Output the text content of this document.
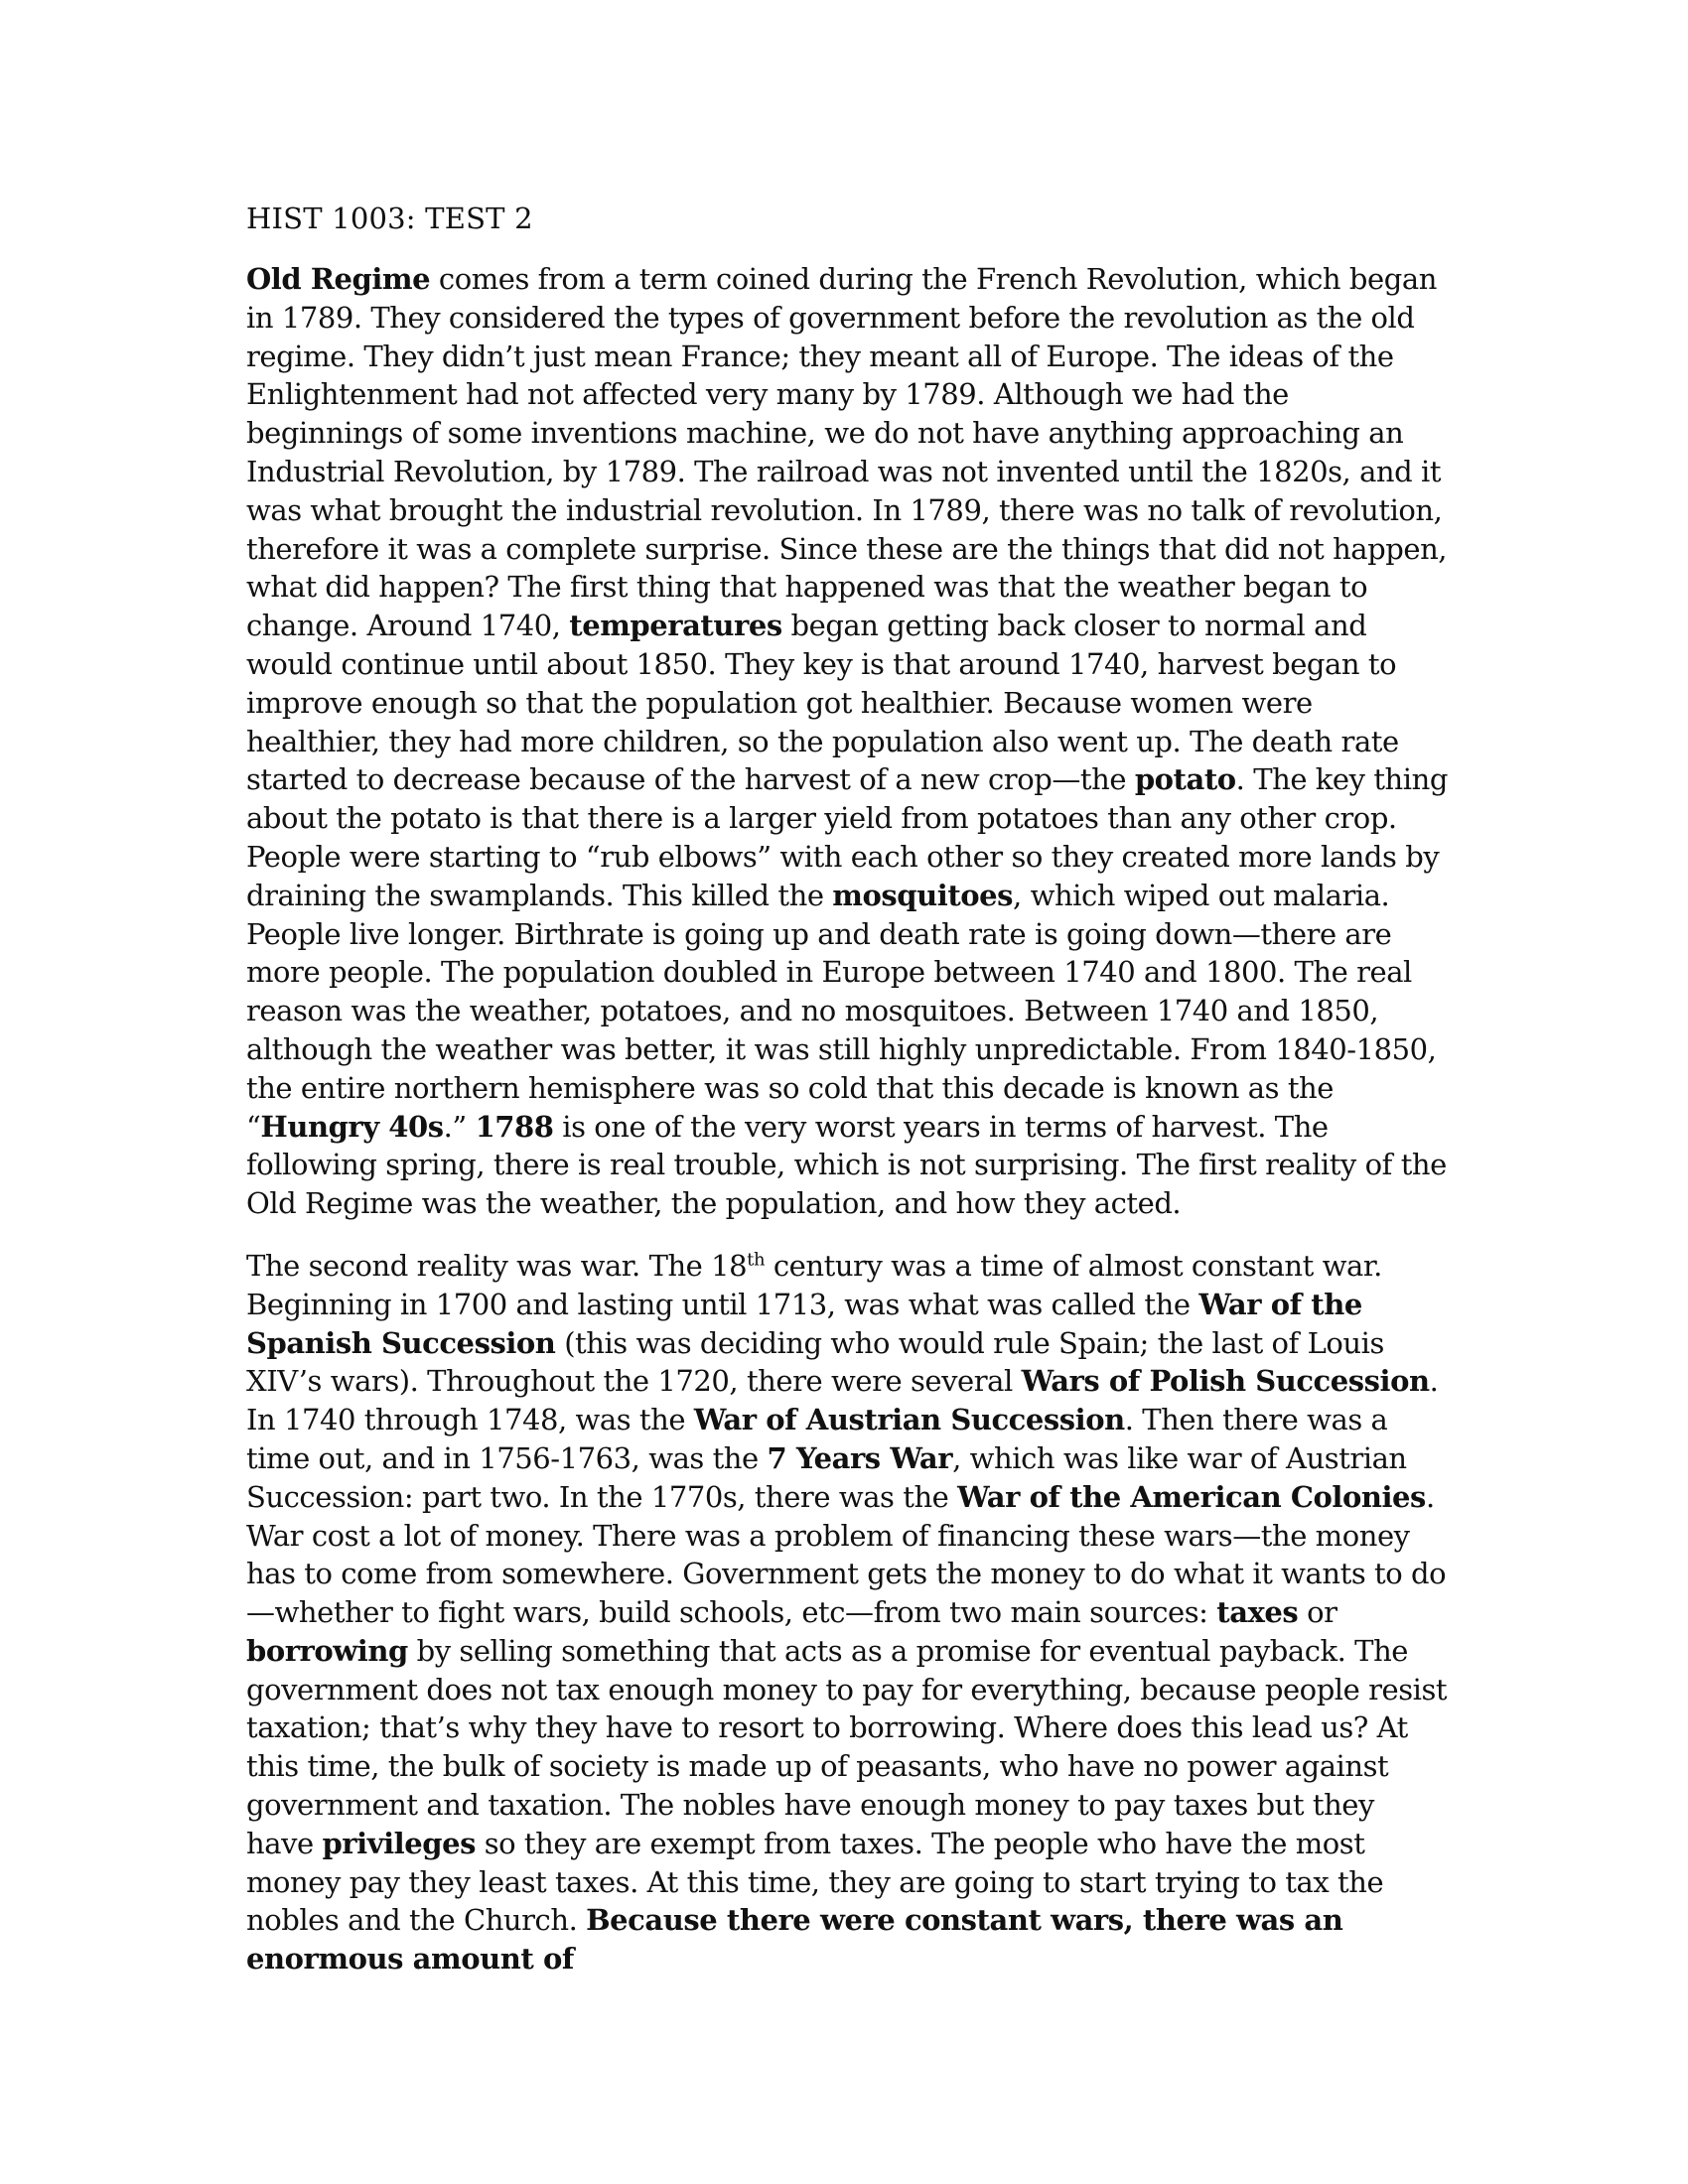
HIST 1003: TEST 2

Old Regime comes from a term coined during the French Revolution, which began in 1789. They considered the types of government before the revolution as the old regime. They didn’t just mean France; they meant all of Europe. The ideas of the Enlightenment had not affected very many by 1789. Although we had the beginnings of some inventions machine, we do not have anything approaching an Industrial Revolution, by 1789. The railroad was not invented until the 1820s, and it was what brought the industrial revolution. In 1789, there was no talk of revolution, therefore it was a complete surprise. Since these are the things that did not happen, what did happen? The first thing that happened was that the weather began to change. Around 1740, temperatures began getting back closer to normal and would continue until about 1850. They key is that around 1740, harvest began to improve enough so that the population got healthier. Because women were healthier, they had more children, so the population also went up. The death rate started to decrease because of the harvest of a new crop—the potato. The key thing about the potato is that there is a larger yield from potatoes than any other crop. People were starting to “rub elbows” with each other so they created more lands by draining the swamplands. This killed the mosquitoes, which wiped out malaria. People live longer. Birthrate is going up and death rate is going down—there are more people. The population doubled in Europe between 1740 and 1800. The real reason was the weather, potatoes, and no mosquitoes. Between 1740 and 1850, although the weather was better, it was still highly unpredictable. From 1840-1850, the entire northern hemisphere was so cold that this decade is known as the “Hungry 40s.” 1788 is one of the very worst years in terms of harvest. The following spring, there is real trouble, which is not surprising. The first reality of the Old Regime was the weather, the population, and how they acted.

The second reality was war. The 18th century was a time of almost constant war. Beginning in 1700 and lasting until 1713, was what was called the War of the Spanish Succession (this was deciding who would rule Spain; the last of Louis XIV’s wars). Throughout the 1720, there were several Wars of Polish Succession. In 1740 through 1748, was the War of Austrian Succession. Then there was a time out, and in 1756-1763, was the 7 Years War, which was like war of Austrian Succession: part two. In the 1770s, there was the War of the American Colonies. War cost a lot of money. There was a problem of financing these wars—the money has to come from somewhere. Government gets the money to do what it wants to do—whether to fight wars, build schools, etc—from two main sources: taxes or borrowing by selling something that acts as a promise for eventual payback. The government does not tax enough money to pay for everything, because people resist taxation; that’s why they have to resort to borrowing. Where does this lead us? At this time, the bulk of society is made up of peasants, who have no power against government and taxation. The nobles have enough money to pay taxes but they have privileges so they are exempt from taxes. The people who have the most money pay they least taxes. At this time, they are going to start trying to tax the nobles and the Church. Because there were constant wars, there was an enormous amount of
